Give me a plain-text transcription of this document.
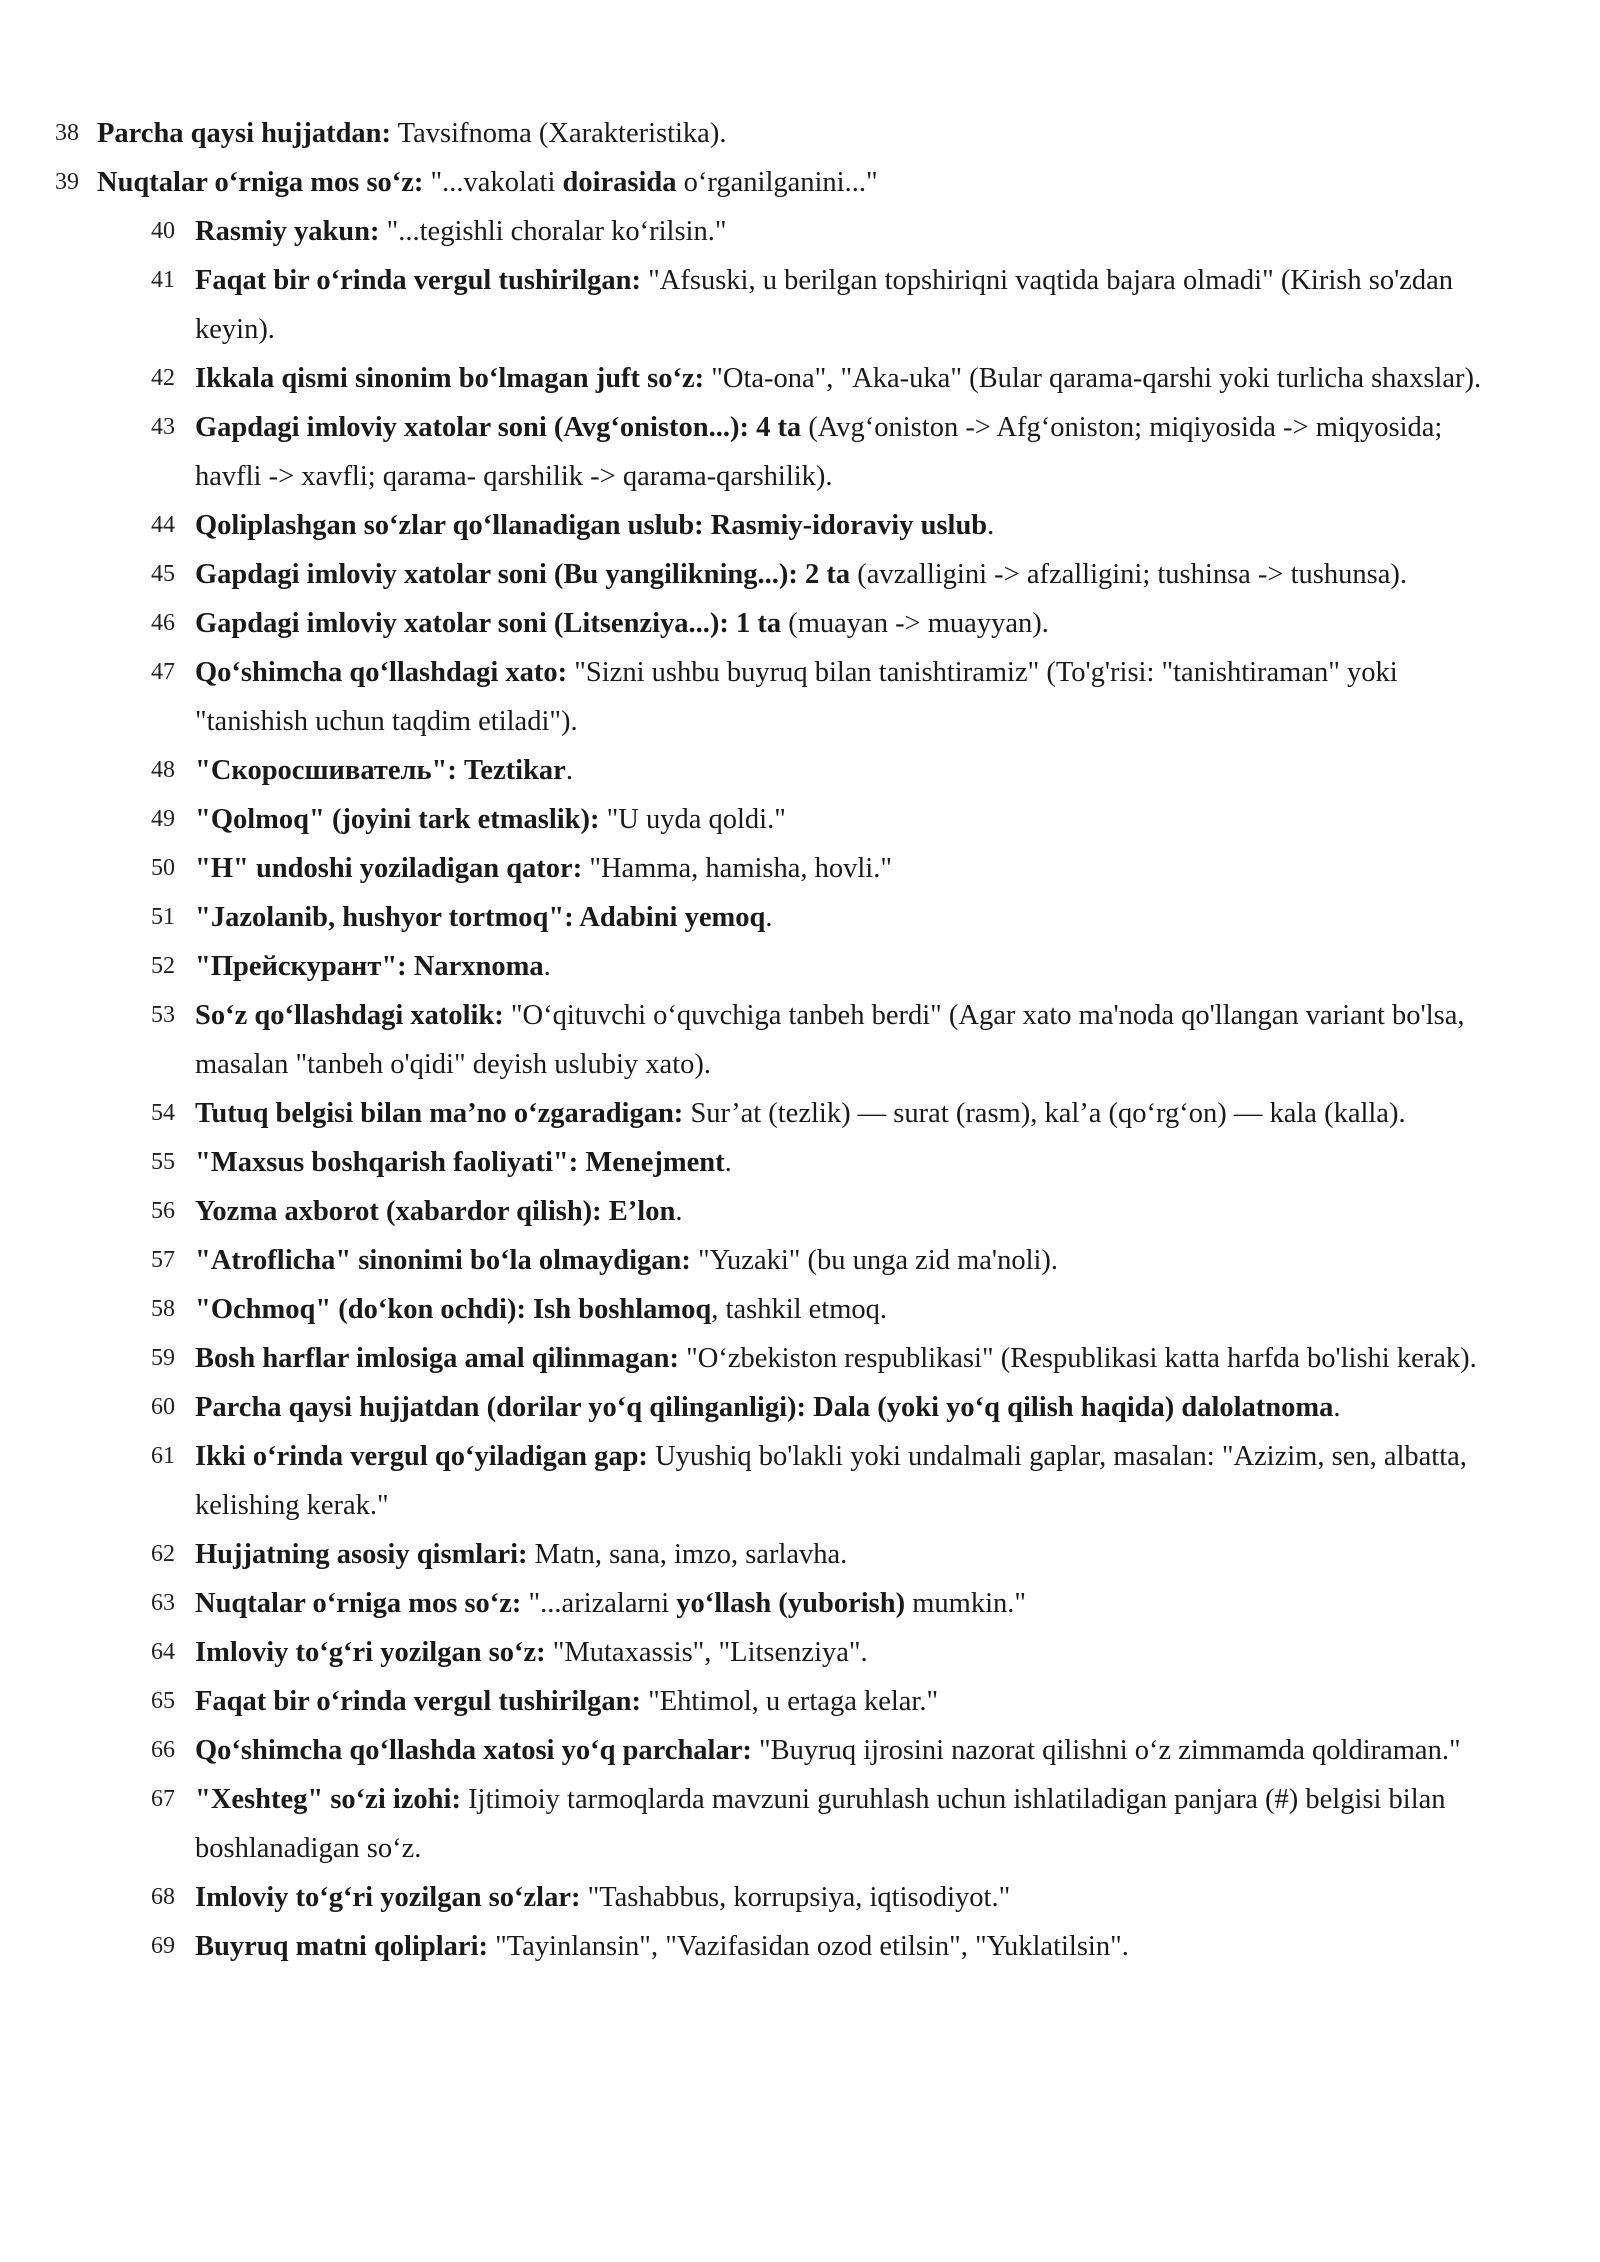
38 Parcha qaysi hujjatdan: Tavsifnoma (Xarakteristika).
39 Nuqtalar o‘rniga mos so‘z: "...vakolati doirasida o‘rganilganini..."
40 Rasmiy yakun: "...tegishli choralar ko‘rilsin."
41 Faqat bir o‘rinda vergul tushirilgan: "Afsuski, u berilgan topshiriqni vaqtida bajara olmadi" (Kirish so'zdan keyin).
42 Ikkala qismi sinonim bo‘lmagan juft so‘z: "Ota-ona", "Aka-uka" (Bular qarama-qarshi yoki turlicha shaxslar).
43 Gapdagi imloviy xatolar soni (Avg‘oniston...): 4 ta (Avg‘oniston -> Afg‘oniston; miqiyosida -> miqyosida; havfli -> xavfli; qarama- qarshilik -> qarama-qarshilik).
44 Qoliplashgan so‘zlar qo‘llanadigan uslub: Rasmiy-idoraviy uslub.
45 Gapdagi imloviy xatolar soni (Bu yangilikning...): 2 ta (avzalligini -> afzalligini; tushinsa -> tushunsa).
46 Gapdagi imloviy xatolar soni (Litsenziya...): 1 ta (muayan -> muayyan).
47 Qo‘shimcha qo‘llashdagi xato: "Sizni ushbu buyruq bilan tanishtiramiz" (To'g'risi: "tanishtiraman" yoki "tanishish uchun taqdim etiladi").
48 "Скоросшиватель": Teztikar.
49 "Qolmoq" (joyini tark etmaslik): "U uyda qoldi."
50 "H" undoshi yoziladigan qator: "Hamma, hamisha, hovli."
51 "Jazolanib, hushyor tortmoq": Adabini yemoq.
52 "Прейскурант": Narxnoma.
53 So‘z qo‘llashdagi xatolik: "O‘qituvchi o‘quvchiga tanbeh berdi" (Agar xato ma'noda qo'llangan variant bo'lsa, masalan "tanbeh o'qidi" deyish uslubiy xato).
54 Tutuq belgisi bilan ma’no o‘zgaradigan: Sur’at (tezlik) — surat (rasm), kal’a (qo‘rg‘on) — kala (kalla).
55 "Maxsus boshqarish faoliyati": Menejment.
56 Yozma axborot (xabardor qilish): E’lon.
57 "Atroflicha" sinonimi bo‘la olmaydigan: "Yuzaki" (bu unga zid ma'noli).
58 "Ochmoq" (do‘kon ochdi): Ish boshlamoq, tashkil etmoq.
59 Bosh harflar imlosiga amal qilinmagan: "O‘zbekiston respublikasi" (Respublikasi katta harfda bo'lishi kerak).
60 Parcha qaysi hujjatdan (dorilar yo‘q qilinganligi): Dala (yoki yo‘q qilish haqida) dalolatnoma.
61 Ikki o‘rinda vergul qo‘yiladigan gap: Uyushiq bo'lakli yoki undalmali gaplar, masalan: "Azizim, sen, albatta, kelishing kerak."
62 Hujjatning asosiy qismlari: Matn, sana, imzo, sarlavha.
63 Nuqtalar o‘rniga mos so‘z: "...arizalarni yo‘llash (yuborish) mumkin."
64 Imloviy to‘g‘ri yozilgan so‘z: "Mutaxassis", "Litsenziya".
65 Faqat bir o‘rinda vergul tushirilgan: "Ehtimol, u ertaga kelar."
66 Qo‘shimcha qo‘llashda xatosi yo‘q parchalar: "Buyruq ijrosini nazorat qilishni o‘z zimmamda qoldiraman."
67 "Xeshteg" so‘zi izohi: Ijtimoiy tarmoqlarda mavzuni guruhlash uchun ishlatiladigan panjara (#) belgisi bilan boshlanadigan so‘z.
68 Imloviy to‘g‘ri yozilgan so‘zlar: "Tashabbus, korrupsiya, iqtisodiyot."
69 Buyruq matni qoliplari: "Tayinlansin", "Vazifasidan ozod etilsin", "Yuklatilsin".
